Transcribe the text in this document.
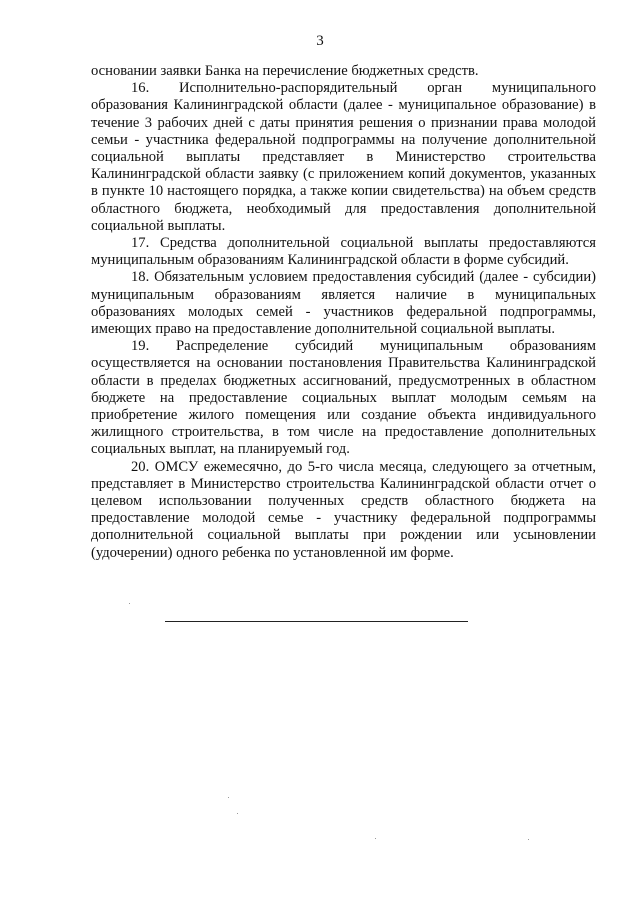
3

основании заявки Банка на перечисление бюджетных средств.

16. Исполнительно-распорядительный орган муниципального образования Калининградской области (далее - муниципальное образование) в течение 3 рабочих дней с даты принятия решения о признании права молодой семьи - участника федеральной подпрограммы на получение дополнительной социальной выплаты представляет в Министерство строительства Калининградской области заявку (с приложением копий документов, указанных в пункте 10 настоящего порядка, а также копии свидетельства) на объем средств областного бюджета, необходимый для предоставления дополнительной социальной выплаты.

17. Средства дополнительной социальной выплаты предоставляются муниципальным образованиям Калининградской области в форме субсидий.

18. Обязательным условием предоставления субсидий (далее - субсидии) муниципальным образованиям является наличие в муниципальных образованиях молодых семей - участников федеральной подпрограммы, имеющих право на предоставление дополнительной социальной выплаты.

19. Распределение субсидий муниципальным образованиям осуществляется на основании постановления Правительства Калининградской области в пределах бюджетных ассигнований, предусмотренных в областном бюджете на предоставление социальных выплат молодым семьям на приобретение жилого помещения или создание объекта индивидуального жилищного строительства, в том числе на предоставление дополнительных социальных выплат, на планируемый год.

20. ОМСУ ежемесячно, до 5-го числа месяца, следующего за отчетным, представляет в Министерство строительства Калининградской области отчет о целевом использовании полученных средств областного бюджета на предоставление молодой семье - участнику федеральной подпрограммы дополнительной социальной выплаты при рождении или усыновлении (удочерении) одного ребенка по установленной им форме.
